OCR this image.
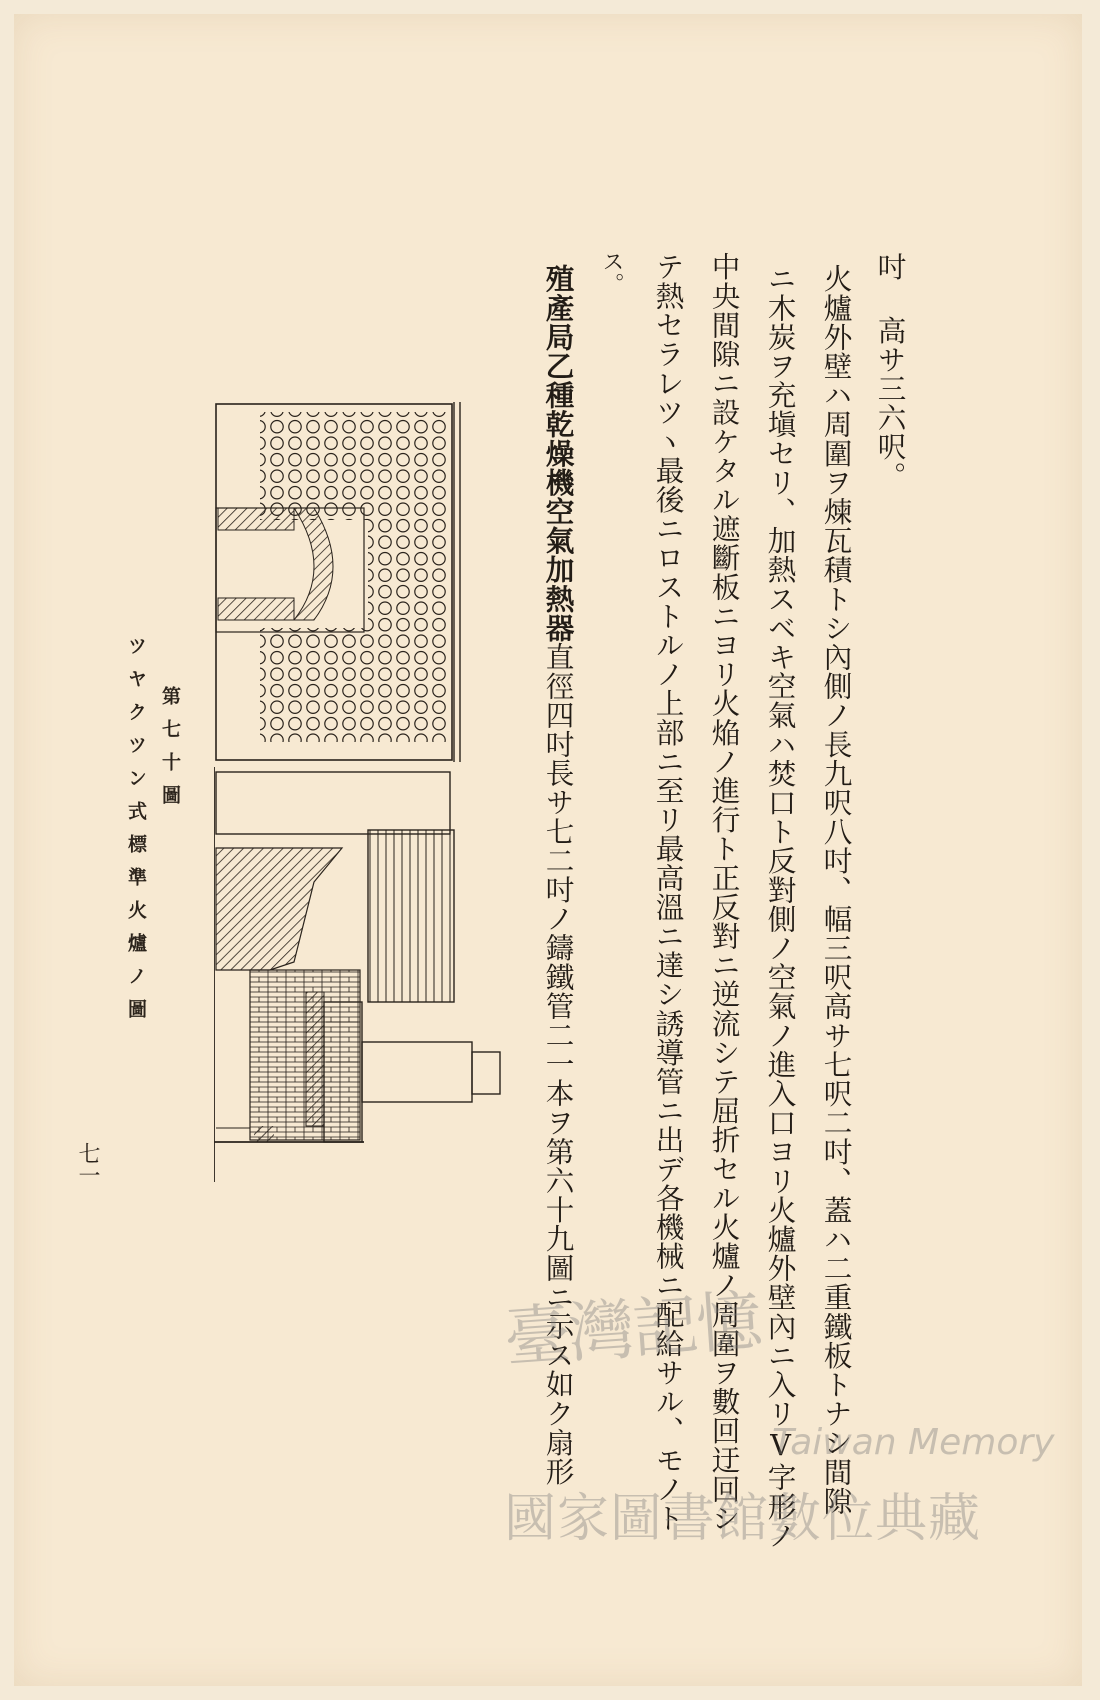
吋 高サ三六呎。
火爐外壁ハ周圍ヲ煉瓦積トシ內側ノ長九呎八吋、幅三呎高サ七呎二吋、蓋ハ二重鐵板トナシ間隙
ニ木炭ヲ充塡セリ、加熱スベキ空氣ハ焚口ト反對側ノ空氣ノ進入口ヨリ火爐外壁內ニ入リV字形ノ
中央間隙ニ設ケタル遮斷板ニヨリ火焔ノ進行ト正反對ニ逆流シテ屈折セル火爐ノ周圍ヲ數回迂回シ
テ熱セラレツヽ最後ニロストルノ上部ニ至リ最高溫ニ達シ誘導管ニ出デ各機械ニ配給サル、モノト
ス。
殖產局乙種乾燥機空氣加熱器直徑四吋長サ七二吋ノ鑄鐵管二一本ヲ第六十九圖ニ示ス如ク扇形
第七十圖
ツヤクツン式標準火爐ノ圖
七一
臺灣記憶
Taiwan Memory
國家圖書館數位典藏
